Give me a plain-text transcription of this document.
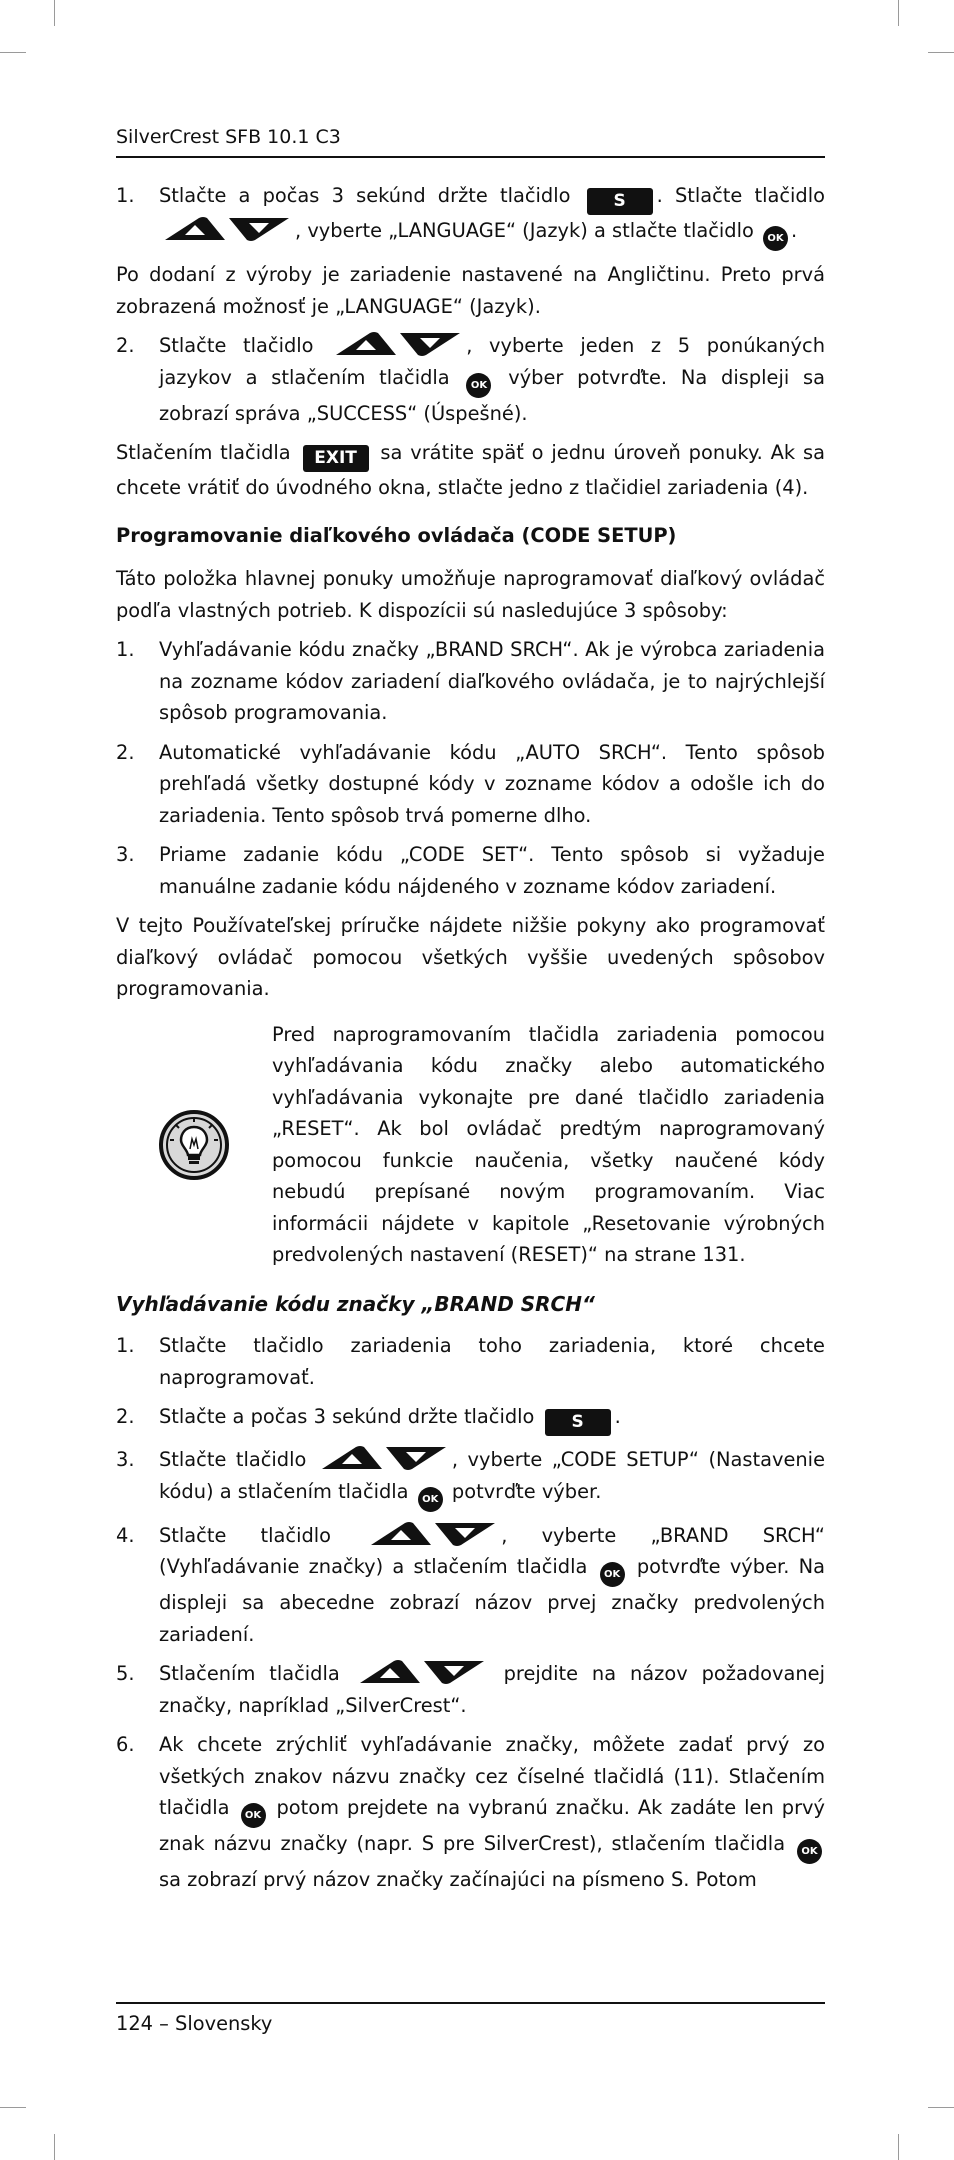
SilverCrest SFB 10.1 C3
1.	Stlačte a počas 3 sekúnd držte tlačidlo	S . Stlačte tlačidlo
, vyberte „LANGUAGE“ (Jazyk) a stlačte tlačidlo OK .

Po dodaní z výroby je zariadenie nastavené na Angličtinu. Preto prvá zobrazená možnosť je „LANGUAGE“ (Jazyk).

2.	Stlačte tlačidlo	, vyberte jeden z 5 ponúkaných jazykov a stlačením tlačidla OK výber potvrďte. Na displeji sa zobrazí správa „SUCCESS“ (Úspešné).

Stlačením tlačidla EXIT sa vrátite späť o jednu úroveň ponuky. Ak sa chcete vrátiť do úvodného okna, stlačte jedno z tlačidiel zariadenia (4).

Programovanie diaľkového ovládača (CODE SETUP)

Táto položka hlavnej ponuky umožňuje naprogramovať diaľkový ovládač podľa vlastných potrieb. K dispozícii sú nasledujúce 3 spôsoby:

1.	Vyhľadávanie kódu značky „BRAND SRCH“. Ak je výrobca zariadenia na zozname kódov zariadení diaľkového ovládača, je to najrýchlejší spôsob programovania.
2.	Automatické vyhľadávanie kódu „AUTO SRCH“. Tento spôsob prehľadá všetky dostupné kódy v zozname kódov a odošle ich do zariadenia. Tento spôsob trvá pomerne dlho.
3.	Priame zadanie kódu „CODE SET“. Tento spôsob si vyžaduje manuálne zadanie kódu nájdeného v zozname kódov zariadení.

V tejto Používateľskej príručke nájdete nižšie pokyny ako programovať diaľkový ovládač pomocou všetkých vyššie uvedených spôsobov programovania.

Pred naprogramovaním tlačidla zariadenia pomocou vyhľadávania kódu značky alebo automatického vyhľadávania vykonajte pre dané tlačidlo zariadenia „RESET“. Ak bol ovládač predtým naprogramovaný pomocou funkcie naučenia, všetky naučené kódy nebudú prepísané novým programovaním. Viac informácii nájdete v kapitole „Resetovanie výrobných predvolených nastavení (RESET)“ na strane 131.
Vyhľadávanie kódu značky „BRAND SRCH“
1.	Stlačte tlačidlo zariadenia toho zariadenia, ktoré chcete naprogramovať.
2.	Stlačte a počas 3 sekúnd držte tlačidlo S .
3.	Stlačte tlačidlo	, vyberte „CODE SETUP“ (Nastavenie kódu) a stlačením tlačidla OK potvrďte výber.
4.	Stlačte tlačidlo	, vyberte „BRAND SRCH“ (Vyhľadávanie značky) a stlačením tlačidla OK potvrďte výber. Na displeji sa abecedne zobrazí názov prvej značky predvolených zariadení.
5.	Stlačením tlačidla	prejdite na názov požadovanej značky, napríklad „SilverCrest“.
6.	Ak chcete zrýchliť vyhľadávanie značky, môžete zadať prvý zo všetkých znakov názvu značky cez číselné tlačidlá (11). Stlačením tlačidla OK potom prejdete na vybranú značku. Ak zadáte len prvý znak názvu značky (napr. S pre SilverCrest), stlačením tlačidla OK sa zobrazí prvý názov značky začínajúci na písmeno S. Potom
124 – Slovensky
